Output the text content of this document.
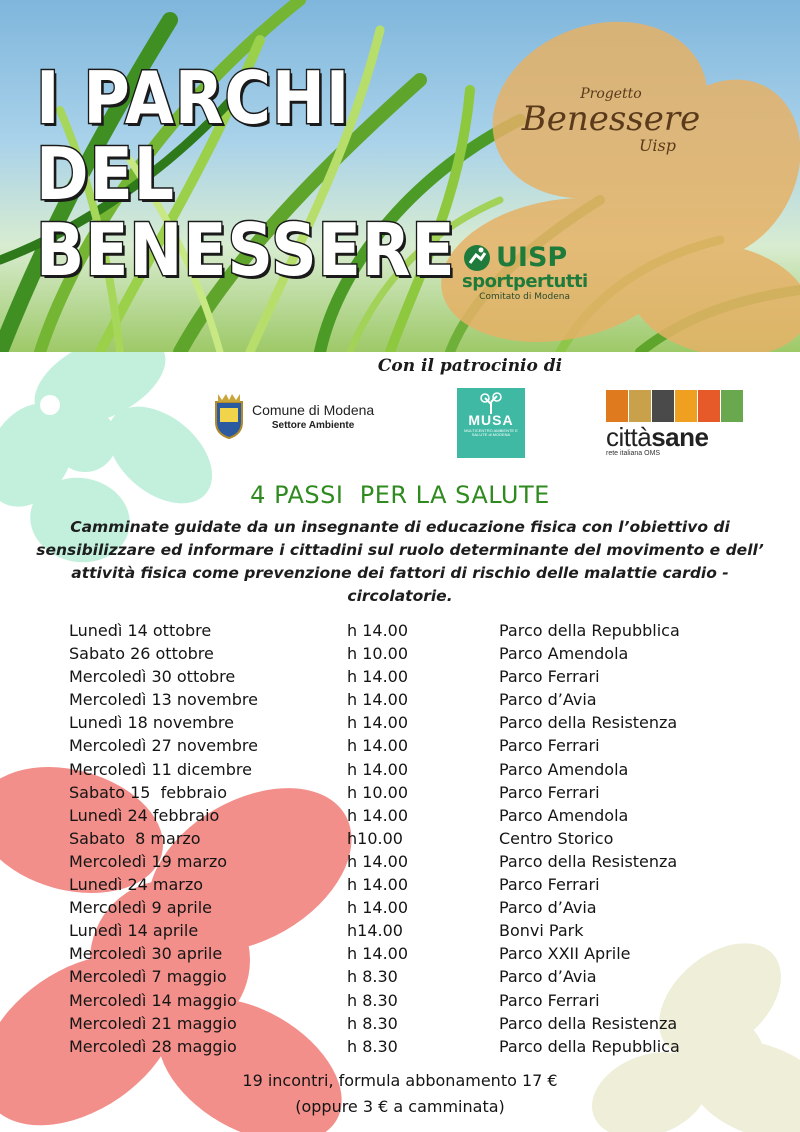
I PARCHI
DEL
BENESSERE
Progetto
Benessere
Uisp
UISP
sportpertutti
Comitato di Modena
Con il patrocinio di
Comune di Modena
Settore Ambiente	MUSA
MULTICENTRO AMBIENTE E SALUTE di MODENA	cittàsane
rete italiana OMS
4 PASSI  PER LA SALUTE
Camminate guidate da un insegnante di educazione fisica con l’obiettivo di sensibilizzare ed informare i cittadini sul ruolo determinante del movimento e dell’ attività fisica come prevenzione dei fattori di rischio delle malattie cardio - circolatorie.
Lunedì 14 ottobre	h 14.00	Parco della Repubblica
Sabato 26 ottobre	h 10.00	Parco Amendola
Mercoledì 30 ottobre	h 14.00	Parco Ferrari
Mercoledì 13 novembre	h 14.00	Parco d’Avia
Lunedì 18 novembre	h 14.00	Parco della Resistenza
Mercoledì 27 novembre	h 14.00	Parco Ferrari
Mercoledì 11 dicembre	h 14.00	Parco Amendola
Sabato 15  febbraio	h 10.00	Parco Ferrari
Lunedì 24 febbraio	h 14.00	Parco Amendola
Sabato  8 marzo	h10.00	Centro Storico
Mercoledì 19 marzo	h 14.00	Parco della Resistenza
Lunedì 24 marzo	h 14.00	Parco Ferrari
Mercoledì 9 aprile	h 14.00	Parco d’Avia
Lunedì 14 aprile	h14.00	Bonvi Park
Mercoledì 30 aprile	h 14.00	Parco XXII Aprile
Mercoledì 7 maggio	h 8.30	Parco d’Avia
Mercoledì 14 maggio	h 8.30	Parco Ferrari
Mercoledì 21 maggio	h 8.30	Parco della Resistenza
Mercoledì 28 maggio	h 8.30	Parco della Repubblica
19 incontri, formula abbonamento 17 €
(oppure 3 € a camminata)
